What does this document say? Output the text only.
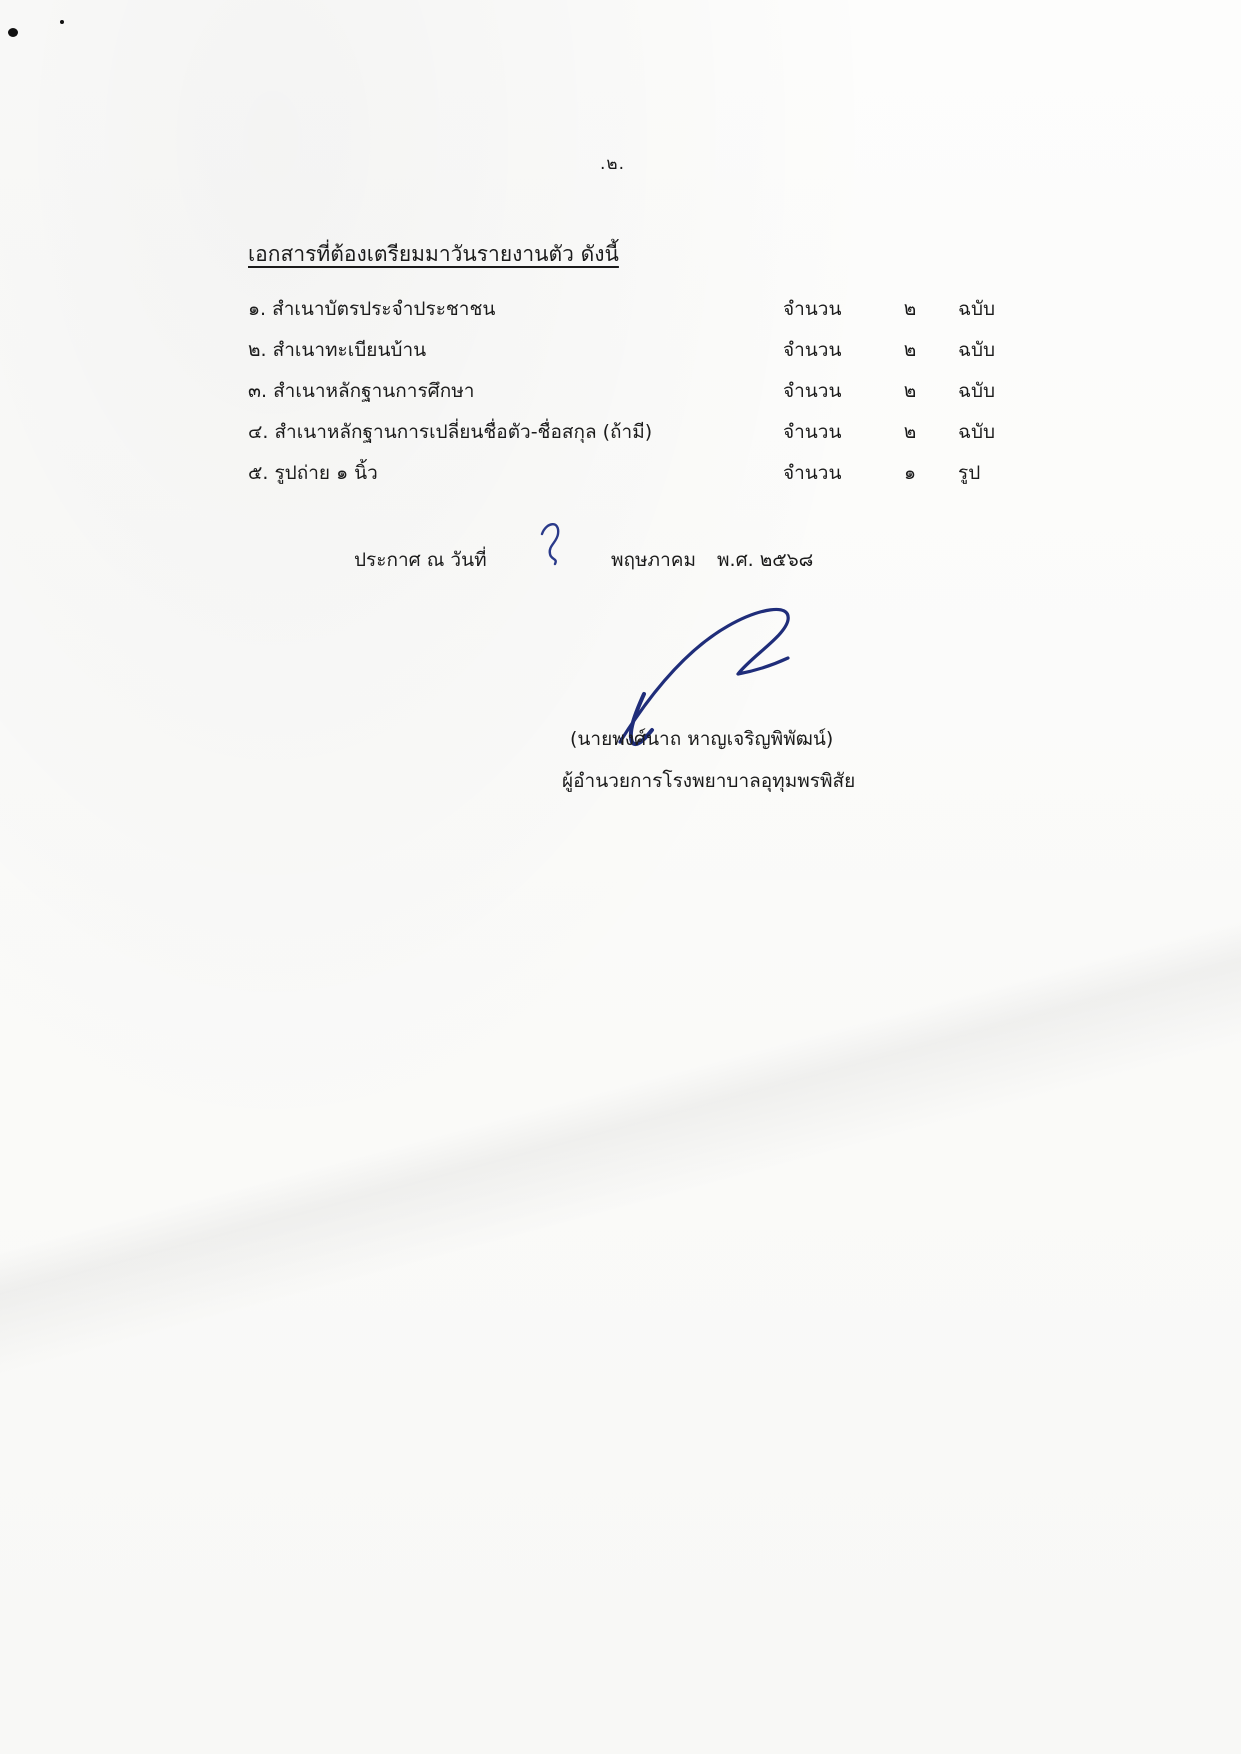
.๒.
เอกสารที่ต้องเตรียมมาวันรายงานตัว ดังนี้
๑. สำเนาบัตรประจำประชาชน	จำนวน	๒	ฉบับ
๒. สำเนาทะเบียนบ้าน	จำนวน	๒	ฉบับ
๓. สำเนาหลักฐานการศึกษา	จำนวน	๒	ฉบับ
๔. สำเนาหลักฐานการเปลี่ยนชื่อตัว-ชื่อสกุล (ถ้ามี)	จำนวน	๒	ฉบับ
๕. รูปถ่าย ๑ นิ้ว	จำนวน	๑	รูป
ประกาศ ณ วันที่	พฤษภาคม พ.ศ. ๒๕๖๘
(นายพงศ์นาถ หาญเจริญพิพัฒน์)
ผู้อำนวยการโรงพยาบาลอุทุมพรพิสัย
